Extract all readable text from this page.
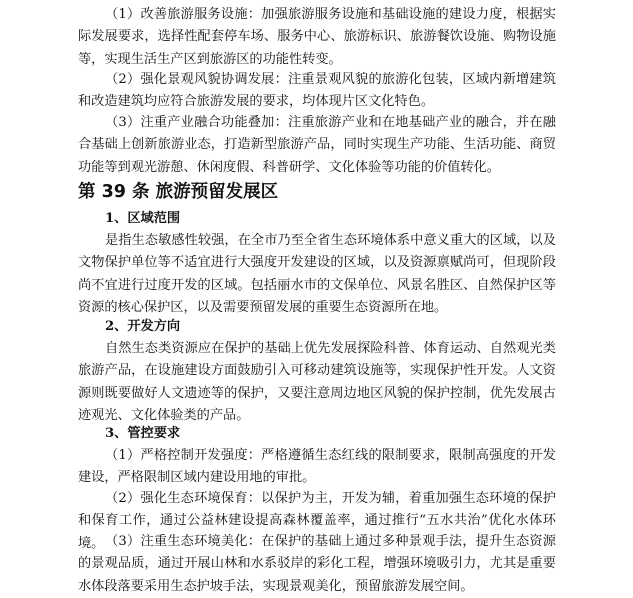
（1）改善旅游服务设施：加强旅游服务设施和基础设施的建设力度，根据实际发展要求，选择性配套停车场、服务中心、旅游标识、旅游餐饮设施、购物设施等，实现生活生产区到旅游区的功能性转变。

（2）强化景观风貌协调发展：注重景观风貌的旅游化包装，区域内新增建筑和改造建筑均应符合旅游发展的要求，均体现片区文化特色。

（3）注重产业融合功能叠加：注重旅游产业和在地基础产业的融合，并在融合基础上创新旅游业态，打造新型旅游产品，同时实现生产功能、生活功能、商贸功能等到观光游憩、休闲度假、科普研学、文化体验等功能的价值转化。

第 39 条 旅游预留发展区
1、区域范围

是指生态敏感性较强，在全市乃至全省生态环境体系中意义重大的区域，以及文物保护单位等不适宜进行大强度开发建设的区域，以及资源禀赋尚可，但现阶段尚不宜进行过度开发的区域。包括丽水市的文保单位、风景名胜区、自然保护区等资源的核心保护区，以及需要预留发展的重要生态资源所在地。

2、开发方向

自然生态类资源应在保护的基础上优先发展探险科普、体育运动、自然观光类旅游产品，在设施建设方面鼓励引入可移动建筑设施等，实现保护性开发。人文资源则既要做好人文遗迹等的保护，又要注意周边地区风貌的保护控制，优先发展古迹观光、文化体验类的产品。

3、管控要求

（1）严格控制开发强度：严格遵循生态红线的限制要求，限制高强度的开发建设，严格限制区域内建设用地的审批。

（2）强化生态环境保育：以保护为主，开发为辅，着重加强生态环境的保护和保育工作，通过公益林建设提高森林覆盖率，通过推行“五水共治”优化水体环境。 （3）注重生态环境美化：在保护的基础上通过多种景观手法，提升生态资源的景观品质，通过开展山林和水系驳岸的彩化工程，增强环境吸引力，尤其是重要水体段落要采用生态护坡手法，实现景观美化，预留旅游发展空间。
